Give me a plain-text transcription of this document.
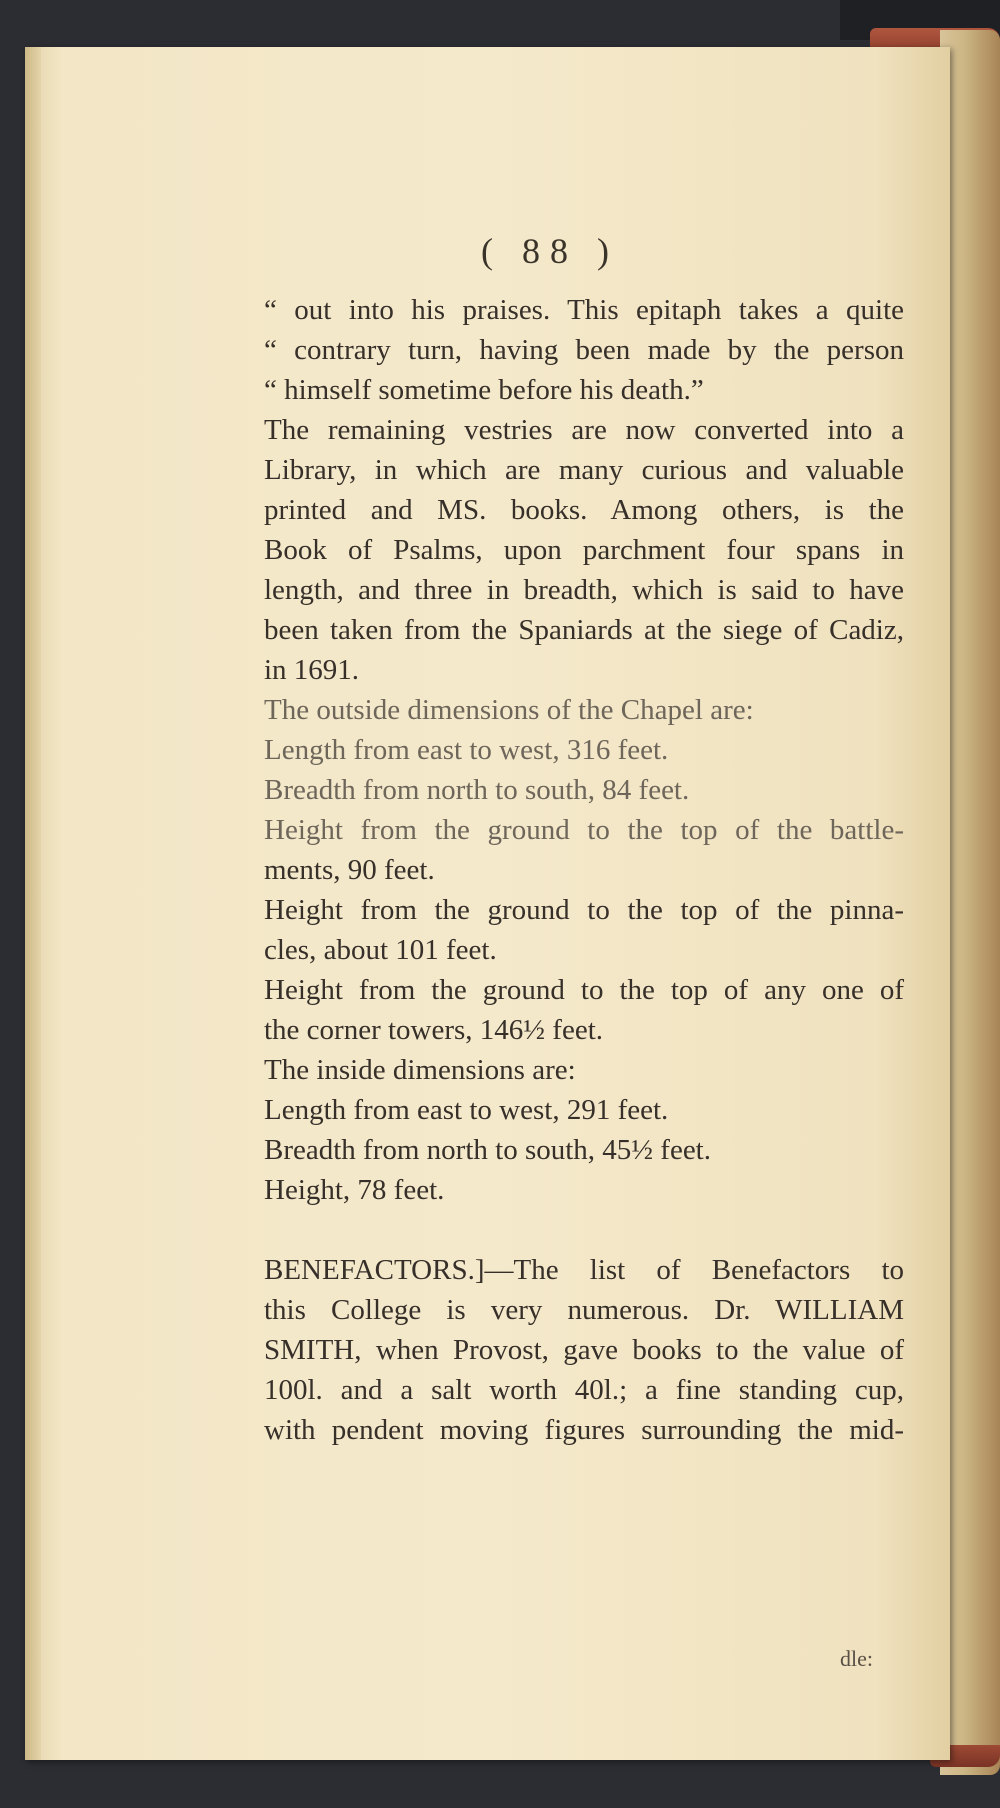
( 88 )
“ out into his praises. This epitaph takes a quite
“ contrary turn, having been made by the person
“ himself sometime before his death.”
The remaining vestries are now converted into a
Library, in which are many curious and valuable
printed and MS. books. Among others, is the
Book of Psalms, upon parchment four spans in
length, and three in breadth, which is said to have
been taken from the Spaniards at the siege of Cadiz,
in 1691.
The outside dimensions of the Chapel are:
Length from east to west, 316 feet.
Breadth from north to south, 84 feet.
Height from the ground to the top of the battle-
ments, 90 feet.
Height from the ground to the top of the pinna-
cles, about 101 feet.
Height from the ground to the top of any one of
the corner towers, 146½ feet.
The inside dimensions are:
Length from east to west, 291 feet.
Breadth from north to south, 45½ feet.
Height, 78 feet.
BENEFACTORS.]—The list of Benefactors to
this College is very numerous. Dr. WILLIAM
SMITH, when Provost, gave books to the value of
100l. and a salt worth 40l.; a fine standing cup,
with pendent moving figures surrounding the mid-
dle:
